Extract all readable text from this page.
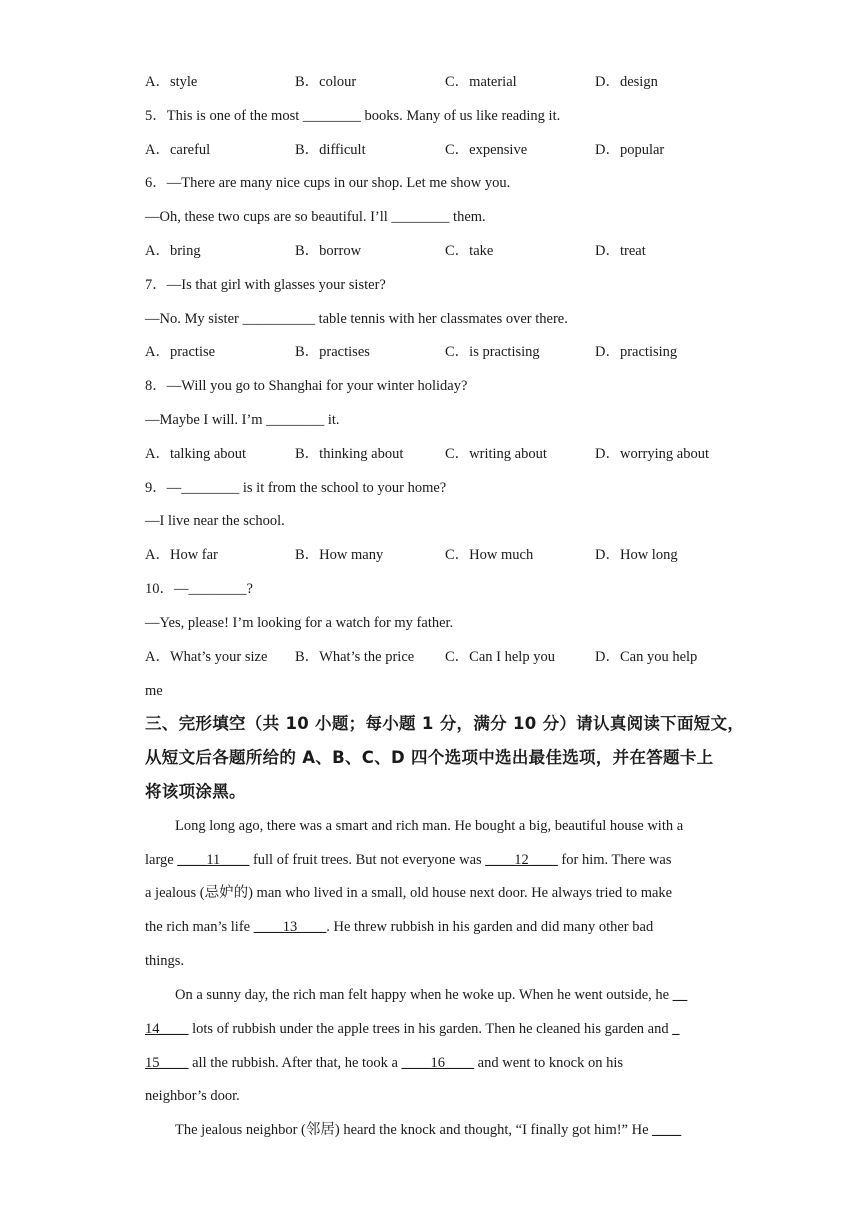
A．style	B．colour	C．material	D．design
5．This is one of the most ________ books. Many of us like reading it.
A．careful	B．difficult	C．expensive	D．popular
6．—There are many nice cups in our shop. Let me show you.
—Oh, these two cups are so beautiful. I’ll ________ them.
A．bring	B．borrow	C．take	D．treat
7．—Is that girl with glasses your sister?
—No. My sister __________ table tennis with her classmates over there.
A．practise	B．practises	C．is practising	D．practising
8．—Will you go to Shanghai for your winter holiday?
—Maybe I will. I’m ________ it.
A．talking about	B．thinking about	C．writing about	D．worrying about
9．—________ is it from the school to your home?
—I live near the school.
A．How far	B．How many	C．How much	D．How long
10．—________?
—Yes, please! I’m looking for a watch for my father.
A．What’s your size B．What’s the price C．Can I help you	D．Can you help
me
三、完形填空（共 10 小题；每小题 1 分，满分 10 分）请认真阅读下面短文，
从短文后各题所给的 A、B、C、D 四个选项中选出最佳选项，并在答题卡上
将该项涂黑。
Long long ago, there was a smart and rich man. He bought a big, beautiful house with a
large ____11____ full of fruit trees. But not everyone was ____12____ for him. There was
a jealous (忌妒的) man who lived in a small, old house next door. He always tried to make
the rich man’s life ____13____. He threw rubbish in his garden and did many other bad
things.
On a sunny day, the rich man felt happy when he woke up. When he went outside, he __
14____ lots of rubbish under the apple trees in his garden. Then he cleaned his garden and _
15____ all the rubbish. After that, he took a ____16____ and went to knock on his
neighbor’s door.
The jealous neighbor (邻居) heard the knock and thought, “I finally got him!” He ____
